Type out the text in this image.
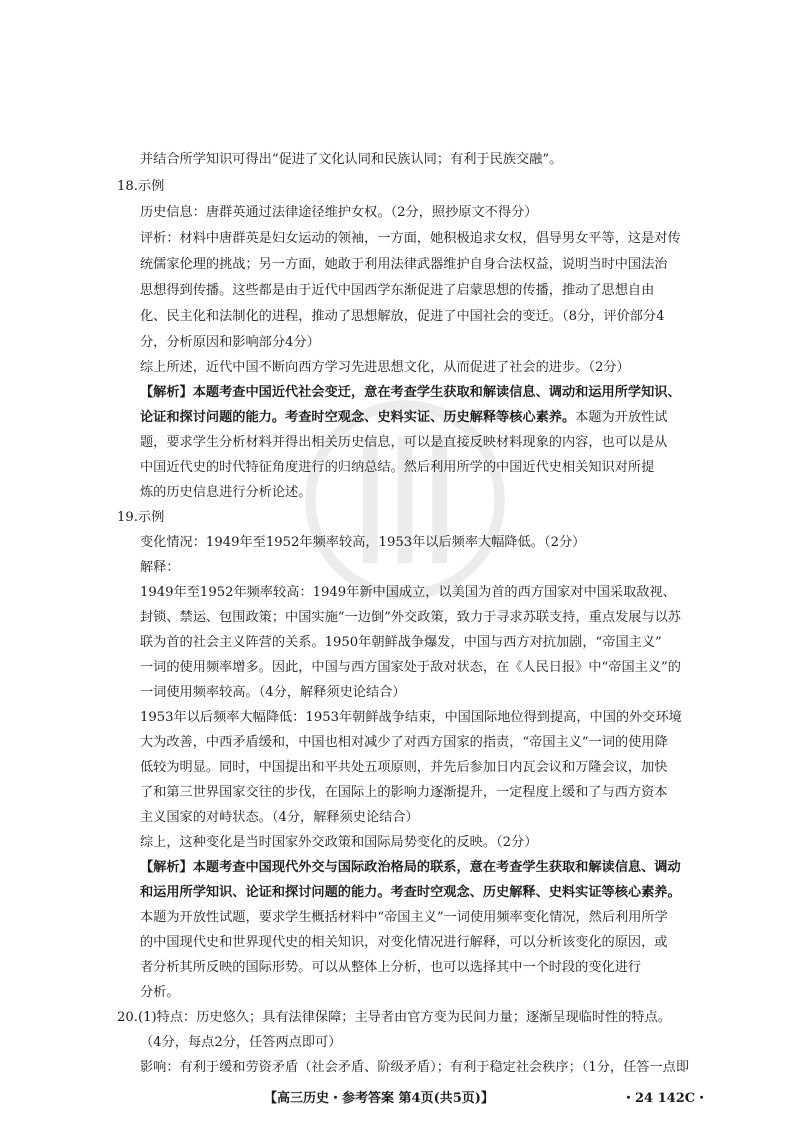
并结合所学知识可得出“促进了文化认同和民族认同；有利于民族交融”。
18.示例
历史信息：唐群英通过法律途径维护女权。（2分，照抄原文不得分）
评析：材料中唐群英是妇女运动的领袖，一方面，她积极追求女权，倡导男女平等，这是对传
统儒家伦理的挑战；另一方面，她敢于利用法律武器维护自身合法权益，说明当时中国法治
思想得到传播。这些都是由于近代中国西学东渐促进了启蒙思想的传播，推动了思想自由
化、民主化和法制化的进程，推动了思想解放，促进了中国社会的变迁。（8分，评价部分4
分，分析原因和影响部分4分）
综上所述，近代中国不断向西方学习先进思想文化，从而促进了社会的进步。（2分）
【解析】本题考查中国近代社会变迁，意在考查学生获取和解读信息、调动和运用所学知识、
论证和探讨问题的能力。考查时空观念、史料实证、历史解释等核心素养。本题为开放性试
题，要求学生分析材料并得出相关历史信息，可以是直接反映材料现象的内容，也可以是从
中国近代史的时代特征角度进行的归纳总结。然后利用所学的中国近代史相关知识对所提
炼的历史信息进行分析论述。
19.示例
变化情况：1949年至1952年频率较高，1953年以后频率大幅降低。（2分）
解释：
1949年至1952年频率较高：1949年新中国成立，以美国为首的西方国家对中国采取敌视、
封锁、禁运、包围政策；中国实施“一边倒”外交政策，致力于寻求苏联支持，重点发展与以苏
联为首的社会主义阵营的关系。1950年朝鲜战争爆发，中国与西方对抗加剧，“帝国主义”
一词的使用频率增多。因此，中国与西方国家处于敌对状态，在《人民日报》中“帝国主义”的
一词使用频率较高。（4分，解释须史论结合）
1953年以后频率大幅降低：1953年朝鲜战争结束，中国国际地位得到提高，中国的外交环境
大为改善，中西矛盾缓和，中国也相对减少了对西方国家的指责，“帝国主义”一词的使用降
低较为明显。同时，中国提出和平共处五项原则，并先后参加日内瓦会议和万隆会议，加快
了和第三世界国家交往的步伐，在国际上的影响力逐渐提升，一定程度上缓和了与西方资本
主义国家的对峙状态。（4分，解释须史论结合）
综上，这种变化是当时国家外交政策和国际局势变化的反映。（2分）
【解析】本题考查中国现代外交与国际政治格局的联系，意在考查学生获取和解读信息、调动
和运用所学知识、论证和探讨问题的能力。考查时空观念、历史解释、史料实证等核心素养。
本题为开放性试题，要求学生概括材料中“帝国主义”一词使用频率变化情况，然后利用所学
的中国现代史和世界现代史的相关知识，对变化情况进行解释，可以分析该变化的原因，或
者分析其所反映的国际形势。可以从整体上分析，也可以选择其中一个时段的变化进行
分析。
20.(1)特点：历史悠久；具有法律保障；主导者由官方变为民间力量；逐渐呈现临时性的特点。
（4分，每点2分，任答两点即可）
影响：有利于缓和劳资矛盾（社会矛盾、阶级矛盾）；有利于稳定社会秩序；（1分，任答一点即
【高三历史・参考答案 第4页(共5页)】	・24 142C・
